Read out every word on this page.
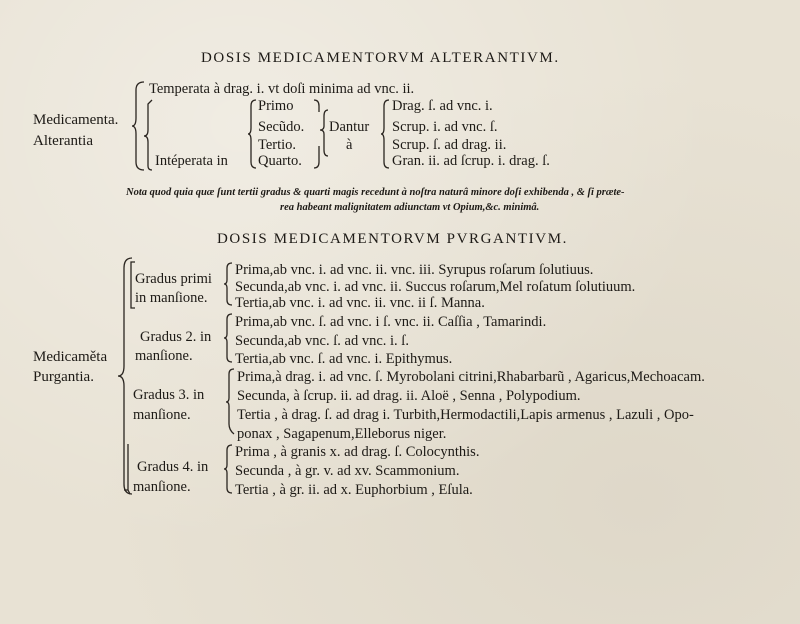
DOSIS MEDICAMENTORVM ALTERANTIVM.
Medicamenta.
Alterantia
Temperata à drag. i. vt doſi minima ad vnc. ii.
Intéperata in
Primo
Secũdo.
Tertio.
Quarto.
Dantur
à
Drag. ſ. ad vnc. i.
Scrup. i. ad vnc. ſ.
Scrup. ſ. ad drag. ii.
Gran. ii. ad ſcrup. i. drag. ſ.
Nota quod quia quæ ſunt tertii gradus & quarti magis recedunt à noſtra naturâ minore doſi exhibenda , & ſi præte-
rea habeant malignitatem adiunctam vt Opium,&c. minimâ.
DOSIS MEDICAMENTORVM PVRGANTIVM.
Medicaměta
Purgantia.
Gradus primi
in manſione.
Prima,ab vnc. i. ad vnc. ii. vnc. iii. Syrupus roſarum ſolutiuus.
Secunda,ab vnc. i. ad vnc. ii. Succus roſarum,Mel roſatum ſolutiuum.
Tertia,ab vnc. i. ad vnc. ii. vnc. ii ſ. Manna.
Gradus 2. in
manſione.
Prima,ab vnc. ſ. ad vnc. i ſ. vnc. ii. Caſſia , Tamarindi.
Secunda,ab vnc. ſ. ad vnc. i. ſ.
Tertia,ab vnc. ſ. ad vnc. i. Epithymus.
Gradus 3. in
manſione.
Prima,à drag. i. ad vnc. ſ. Myrobolani citrini,Rhabarbarũ , Agaricus,Mechoacam.
Secunda, à ſcrup. ii. ad drag. ii. Aloë , Senna , Polypodium.
Tertia , à drag. ſ. ad drag i. Turbith,Hermodactili,Lapis armenus , Lazuli , Opo-
ponax , Sagapenum,Elleborus niger.
Gradus 4. in
manſione.
Prima , à granis x. ad drag. ſ. Colocynthis.
Secunda , à gr. v. ad xv. Scammonium.
Tertia , à gr. ii. ad x. Euphorbium , Eſula.
